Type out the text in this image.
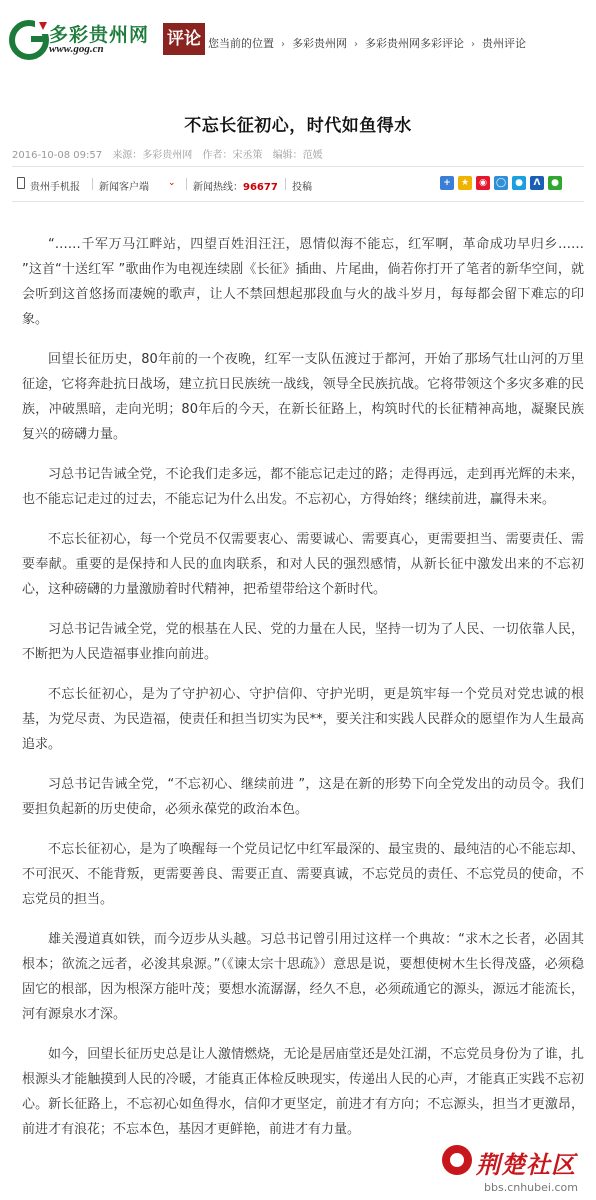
多彩贵州网
www.gog.cn	评论 您当前的位置 › 多彩贵州网 › 多彩贵州网多彩评论 › 贵州评论
不忘长征初心，时代如鱼得水
2016-10-08 09:57 来源：多彩贵州网 作者：宋丞策 编辑：范媛
贵州手机报 新闻客户端 ⌄ 新闻热线：96677 投稿	+ ★ ◉ ◯ ● Λ ●

“……千军万马江畔站，四望百姓泪汪汪，恩情似海不能忘，红军啊，革命成功早归乡…… ”这首“十送红军 ”歌曲作为电视连续剧《长征》插曲、片尾曲，倘若你打开了笔者的新华空间，就会听到这首悠扬而凄婉的歌声，让人不禁回想起那段血与火的战斗岁月，每每都会留下难忘的印象。

回望长征历史，80年前的一个夜晚，红军一支队伍渡过于都河，开始了那场气壮山河的万里征途，它将奔赴抗日战场，建立抗日民族统一战线，领导全民族抗战。它将带领这个多灾多难的民族，冲破黑暗，走向光明；80年后的今天，在新长征路上，构筑时代的长征精神高地，凝聚民族复兴的磅礴力量。

习总书记告诫全党，不论我们走多远，都不能忘记走过的路；走得再远，走到再光辉的未来，也不能忘记走过的过去，不能忘记为什么出发。不忘初心，方得始终；继续前进，赢得未来。

不忘长征初心，每一个党员不仅需要衷心、需要诚心、需要真心，更需要担当、需要责任、需要奉献。重要的是保持和人民的血肉联系，和对人民的强烈感情，从新长征中激发出来的不忘初心，这种磅礴的力量激励着时代精神，把希望带给这个新时代。

习总书记告诫全党，党的根基在人民、党的力量在人民，坚持一切为了人民、一切依靠人民，不断把为人民造福事业推向前进。

不忘长征初心，是为了守护初心、守护信仰、守护光明，更是筑牢每一个党员对党忠诚的根基，为党尽责、为民造福，使责任和担当切实为民**，要关注和实践人民群众的愿望作为人生最高追求。

习总书记告诫全党，“不忘初心、继续前进 ”，这是在新的形势下向全党发出的动员令。我们要担负起新的历史使命，必须永葆党的政治本色。

不忘长征初心，是为了唤醒每一个党员记忆中红军最深的、最宝贵的、最纯洁的心不能忘却、不可泯灭、不能背叛，更需要善良、需要正直、需要真诚，不忘党员的责任、不忘党员的使命，不忘党员的担当。

雄关漫道真如铁，而今迈步从头越。习总书记曾引用过这样一个典故：“求木之长者，必固其根本；欲流之远者，必浚其泉源。”（《谏太宗十思疏》）意思是说，要想使树木生长得茂盛，必须稳固它的根部，因为根深方能叶茂；要想水流潺潺，经久不息，必须疏通它的源头，源远才能流长，河有源泉水才深。

如今，回望长征历史总是让人激情燃烧，无论是居庙堂还是处江湖，不忘党员身份为了谁，扎根源头才能触摸到人民的冷暖，才能真正体检反映现实，传递出人民的心声，才能真正实践不忘初心。新长征路上，不忘初心如鱼得水，信仰才更坚定，前进才有方向；不忘源头，担当才更激昂，前进才有浪花；不忘本色，基因才更鲜艳，前进才有力量。

荆楚社区
bbs.cnhubei.com
